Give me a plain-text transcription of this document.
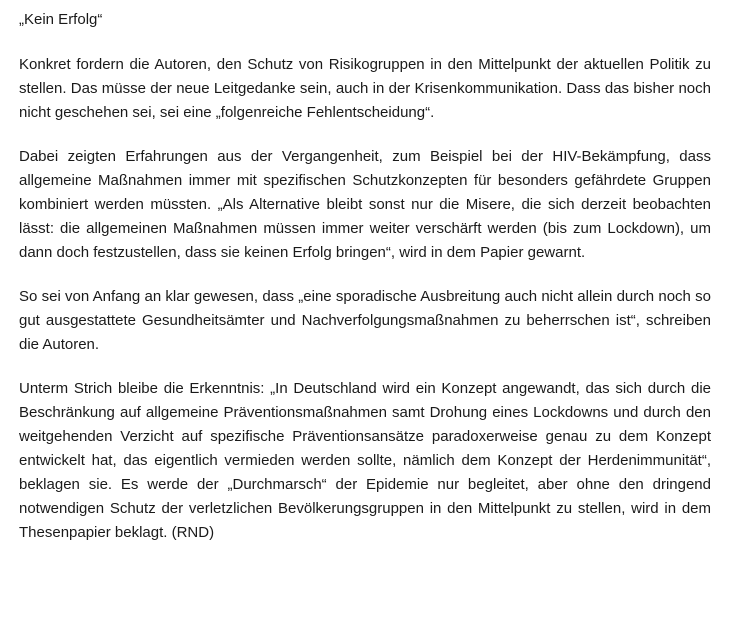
„Kein Erfolg“

Konkret fordern die Autoren, den Schutz von Risikogruppen in den Mittelpunkt der aktuellen Politik zu stellen. Das müsse der neue Leitgedanke sein, auch in der Krisenkommunikation. Dass das bisher noch nicht geschehen sei, sei eine „folgenreiche Fehlentscheidung“.

Dabei zeigten Erfahrungen aus der Vergangenheit, zum Beispiel bei der HIV-Bekämpfung, dass allgemeine Maßnahmen immer mit spezifischen Schutzkonzepten für besonders gefährdete Gruppen kombiniert werden müssten. „Als Alternative bleibt sonst nur die Misere, die sich derzeit beobachten lässt: die allgemeinen Maßnahmen müssen immer weiter verschärft werden (bis zum Lockdown), um dann doch festzustellen, dass sie keinen Erfolg bringen“, wird in dem Papier gewarnt.

So sei von Anfang an klar gewesen, dass „eine sporadische Ausbreitung auch nicht allein durch noch so gut ausgestattete Gesundheitsämter und Nachverfolgungsmaßnahmen zu beherrschen ist“, schreiben die Autoren.

Unterm Strich bleibe die Erkenntnis: „In Deutschland wird ein Konzept angewandt, das sich durch die Beschränkung auf allgemeine Präventionsmaßnahmen samt Drohung eines Lockdowns und durch den weitgehenden Verzicht auf spezifische Präventionsansätze paradoxerweise genau zu dem Konzept entwickelt hat, das eigentlich vermieden werden sollte, nämlich dem Konzept der Herdenimmunität“, beklagen sie. Es werde der „Durchmarsch“ der Epidemie nur begleitet, aber ohne den dringend notwendigen Schutz der verletzlichen Bevölkerungsgruppen in den Mittelpunkt zu stellen, wird in dem Thesenpapier beklagt. (RND)
